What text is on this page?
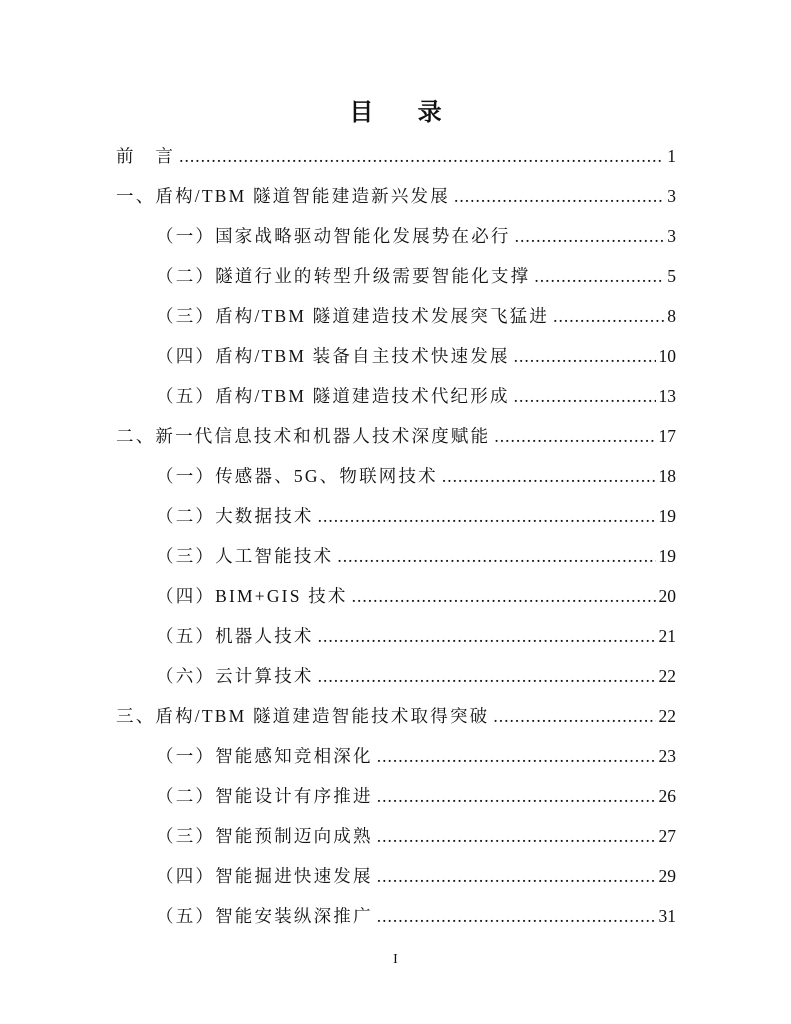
目 录
前　言 .....	1
一、盾构/TBM 隧道智能建造新兴发展 .....	3
（一）国家战略驱动智能化发展势在必行 .....	3
（二）隧道行业的转型升级需要智能化支撑 .....	5
（三）盾构/TBM 隧道建造技术发展突飞猛进 .....	8
（四）盾构/TBM 装备自主技术快速发展 .....	10
（五）盾构/TBM 隧道建造技术代纪形成 .....	13
二、新一代信息技术和机器人技术深度赋能 .....	17
（一）传感器、5G、物联网技术 .....	18
（二）大数据技术 .....	19
（三）人工智能技术 .....	19
（四）BIM+GIS 技术 .....	20
（五）机器人技术 .....	21
（六）云计算技术 .....	22
三、盾构/TBM 隧道建造智能技术取得突破 .....	22
（一）智能感知竞相深化 .....	23
（二）智能设计有序推进 .....	26
（三）智能预制迈向成熟 .....	27
（四）智能掘进快速发展 .....	29
（五）智能安装纵深推广 .....	31
I
